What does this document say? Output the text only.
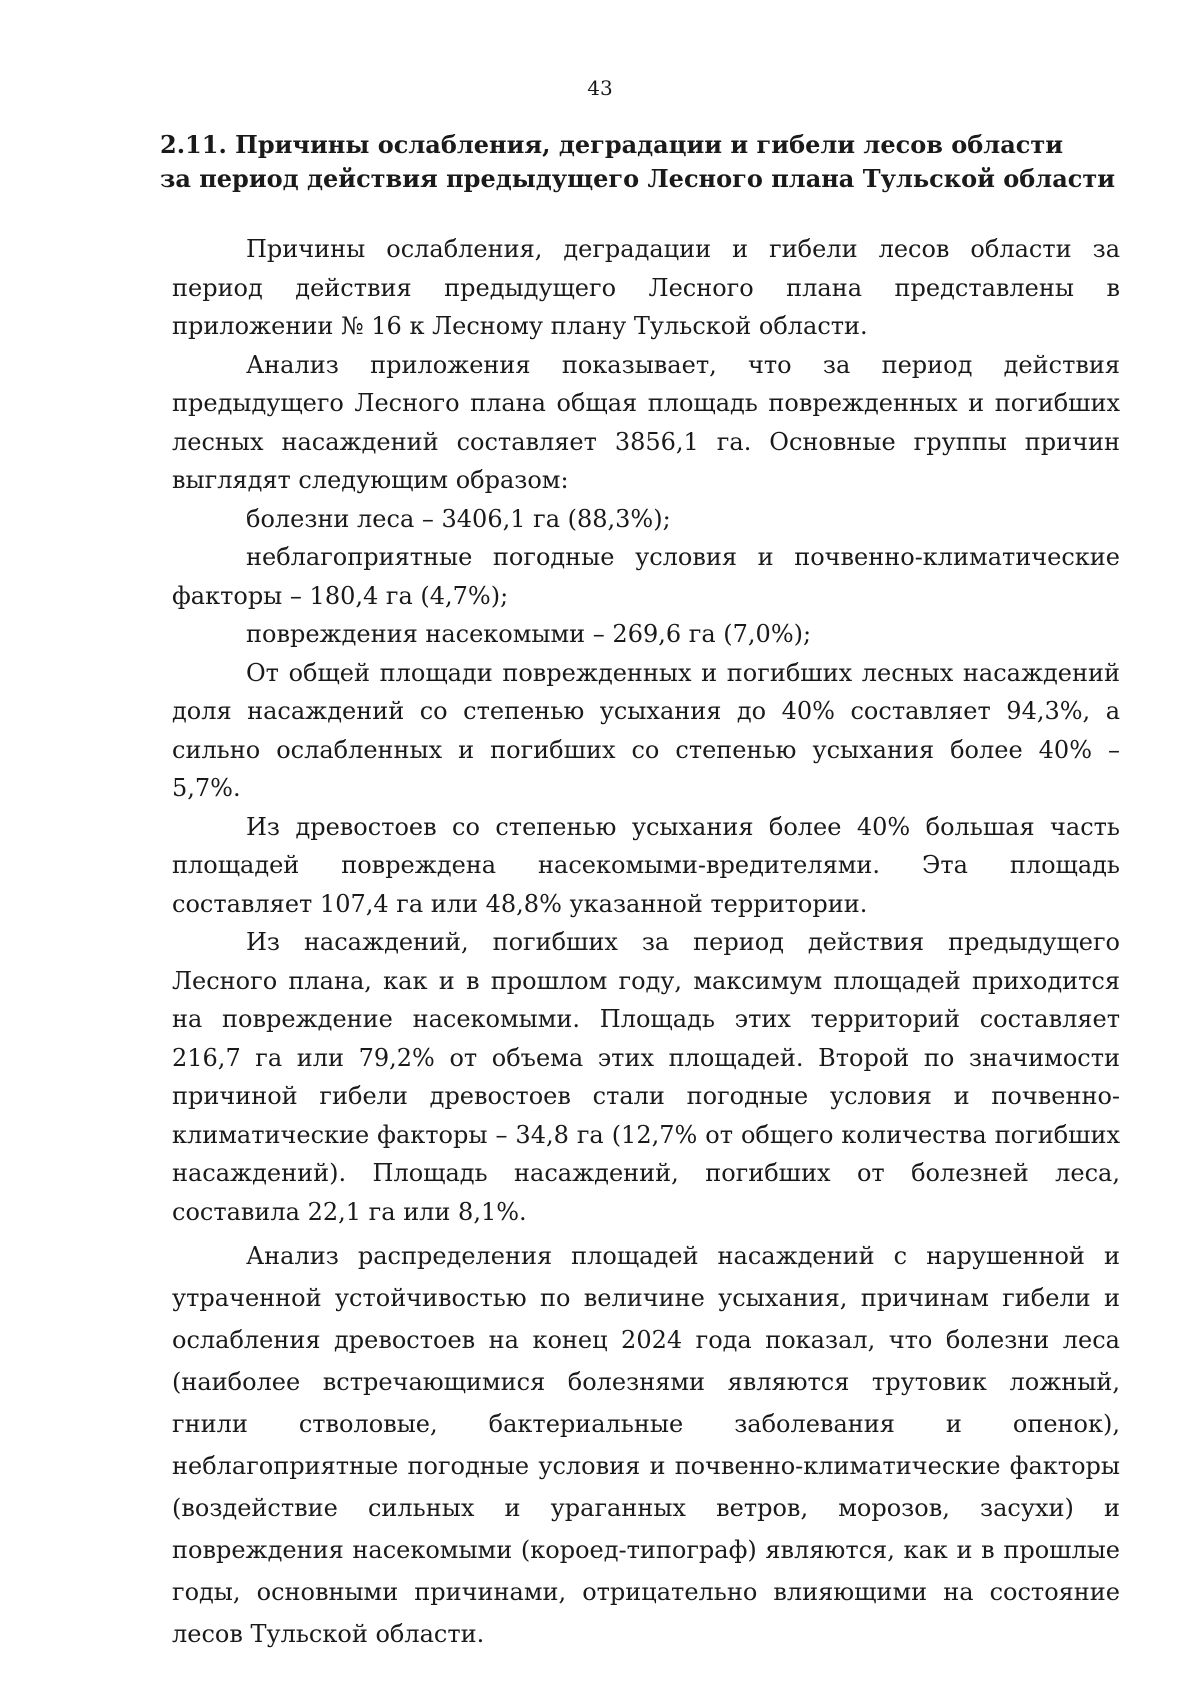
43
2.11. Причины ослабления, деградации и гибели лесов области
за период действия предыдущего Лесного плана Тульской области

Причины ослабления, деградации и гибели лесов области за период действия предыдущего Лесного плана представлены в приложении № 16 к Лесному плану Тульской области.

Анализ приложения показывает, что за период действия предыдущего Лесного плана общая площадь поврежденных и погибших лесных насаждений составляет 3856,1 га. Основные группы причин выглядят следующим образом:

болезни леса – 3406,1 га (88,3%);

неблагоприятные погодные условия и почвенно-климатические факторы – 180,4 га (4,7%);

повреждения насекомыми – 269,6 га (7,0%);

От общей площади поврежденных и погибших лесных насаждений доля насаждений со степенью усыхания до 40% составляет 94,3%, а сильно ослабленных и погибших со степенью усыхания более 40% – 5,7%.

Из древостоев со степенью усыхания более 40% большая часть площадей повреждена насекомыми-вредителями. Эта площадь составляет 107,4 га или 48,8% указанной территории.

Из насаждений, погибших за период действия предыдущего Лесного плана, как и в прошлом году, максимум площадей приходится на повреждение насекомыми. Площадь этих территорий составляет 216,7 га или 79,2% от объема этих площадей. Второй по значимости причиной гибели древостоев стали погодные условия и почвенно-климатические факторы – 34,8 га (12,7% от общего количества погибших насаждений). Площадь насаждений, погибших от болезней леса, составила 22,1 га или 8,1%.

Анализ распределения площадей насаждений с нарушенной и утраченной устойчивостью по величине усыхания, причинам гибели и ослабления древостоев на конец 2024 года показал, что болезни леса (наиболее встречающимися болезнями являются трутовик ложный, гнили стволовые, бактериальные заболевания и опенок), неблагоприятные погодные условия и почвенно-климатические факторы (воздействие сильных и ураганных ветров, морозов, засухи) и повреждения насекомыми (короед-типограф) являются, как и в прошлые годы, основными причинами, отрицательно влияющими на состояние лесов Тульской области.
